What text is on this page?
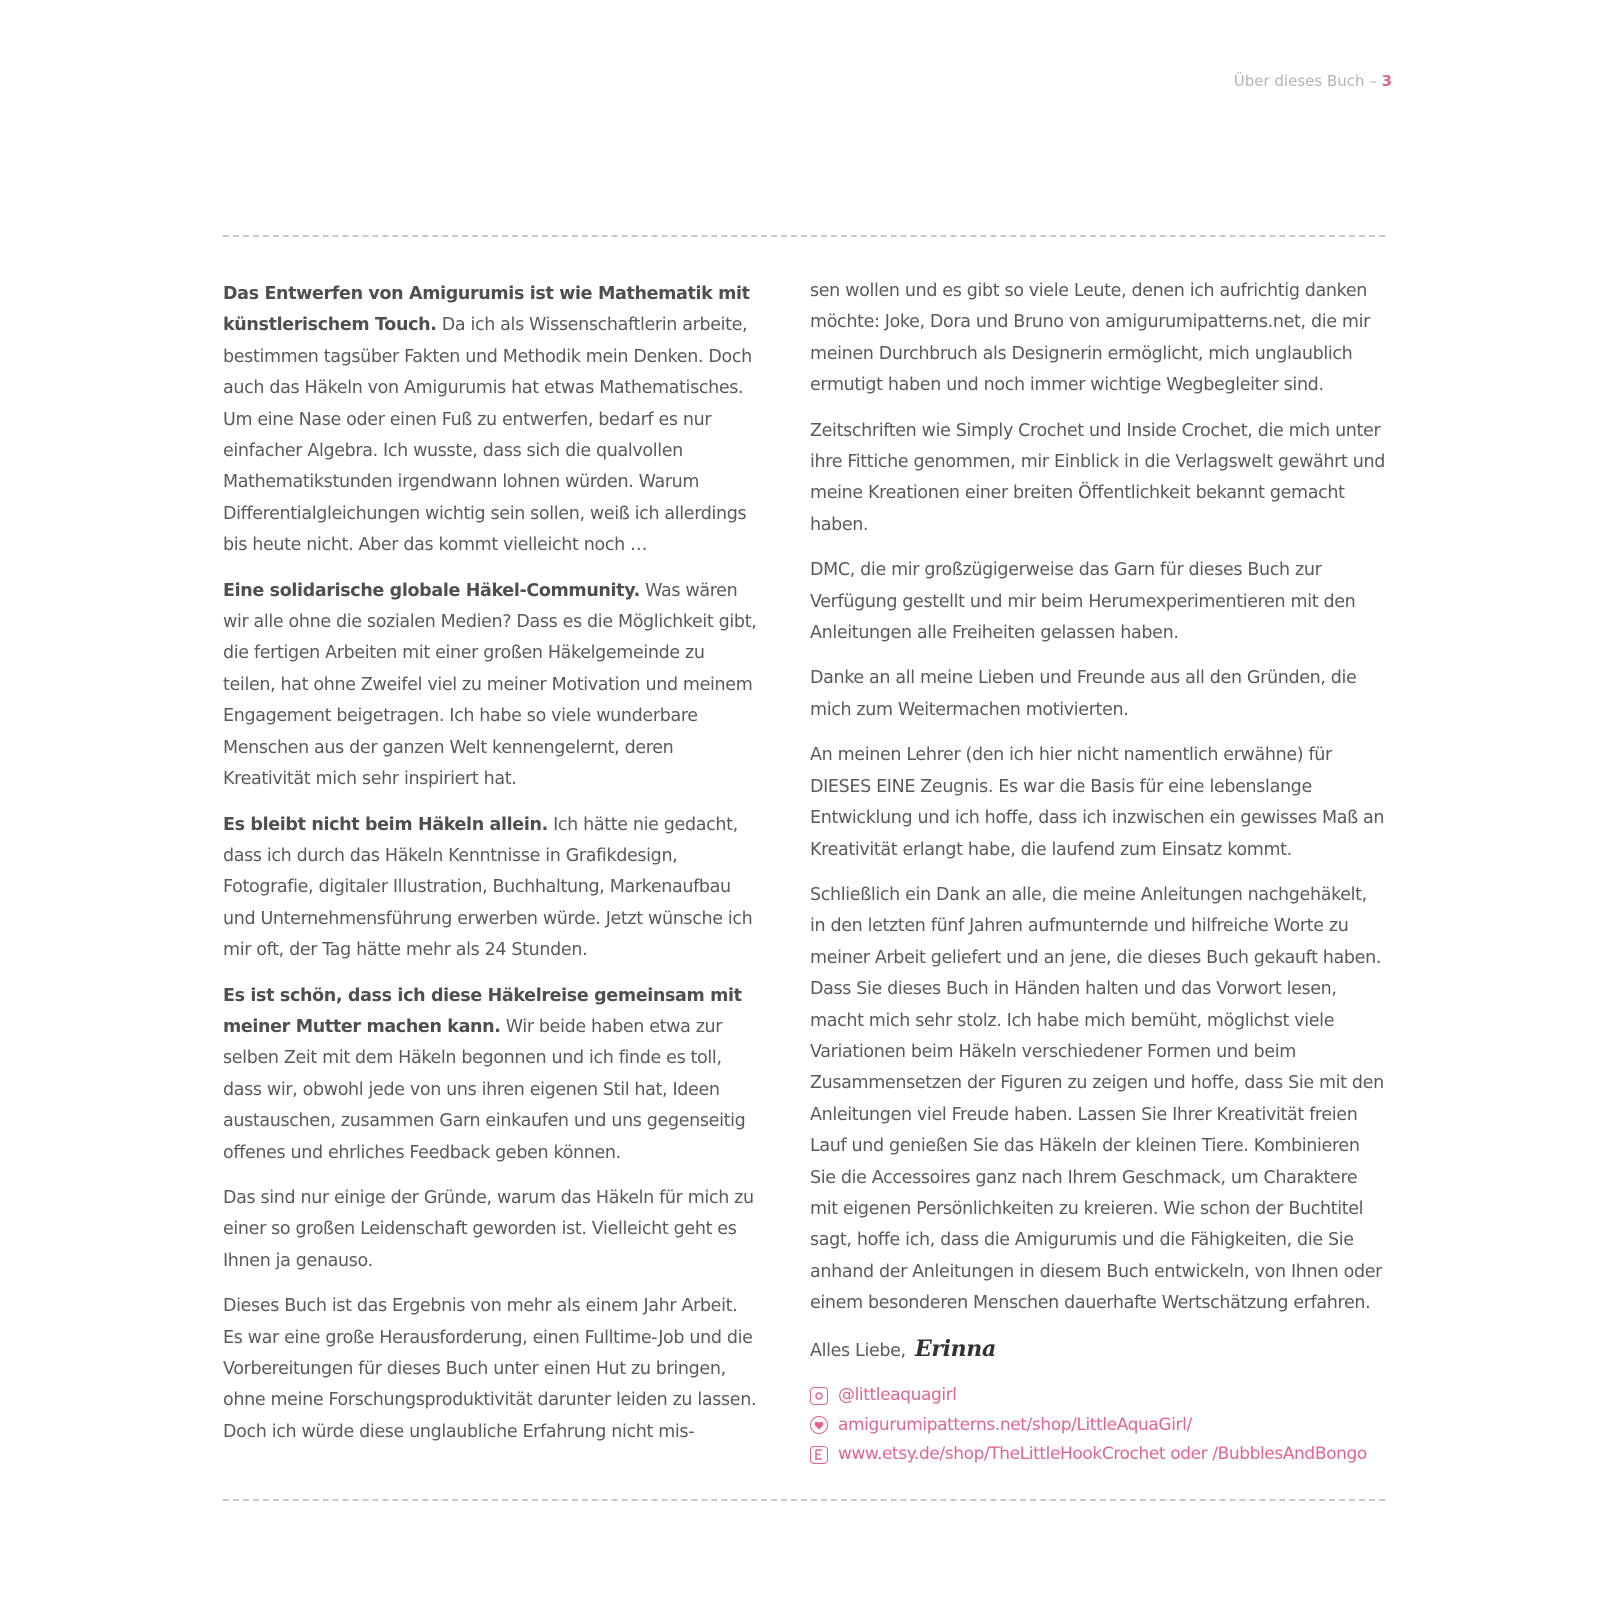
Über dieses Buch – 3

Das Entwerfen von Amigurumis ist wie Mathematik mit künstlerischem Touch. Da ich als Wissenschaftlerin arbeite, bestimmen tagsüber Fakten und Methodik mein Denken. Doch auch das Häkeln von Amigurumis hat etwas Mathematisches. Um eine Nase oder einen Fuß zu entwerfen, bedarf es nur einfacher Algebra. Ich wusste, dass sich die qualvollen Mathematikstunden irgendwann lohnen würden. Warum Differentialgleichungen wichtig sein sollen, weiß ich allerdings bis heute nicht. Aber das kommt vielleicht noch …

Eine solidarische globale Häkel-Community. Was wären wir alle ohne die sozialen Medien? Dass es die Möglichkeit gibt, die fertigen Arbeiten mit einer großen Häkelgemeinde zu teilen, hat ohne Zweifel viel zu meiner Motivation und meinem Engagement beigetragen. Ich habe so viele wunderbare Menschen aus der ganzen Welt kennengelernt, deren Kreativität mich sehr inspiriert hat.

Es bleibt nicht beim Häkeln allein. Ich hätte nie gedacht, dass ich durch das Häkeln Kenntnisse in Grafikdesign, Fotografie, digitaler Illustration, Buchhaltung, Markenaufbau und Unternehmensführung erwerben würde. Jetzt wünsche ich mir oft, der Tag hätte mehr als 24 Stunden.

Es ist schön, dass ich diese Häkelreise gemeinsam mit meiner Mutter machen kann. Wir beide haben etwa zur selben Zeit mit dem Häkeln begonnen und ich finde es toll, dass wir, obwohl jede von uns ihren eigenen Stil hat, Ideen austauschen, zusammen Garn einkaufen und uns gegenseitig offenes und ehrliches Feedback geben können.

Das sind nur einige der Gründe, warum das Häkeln für mich zu einer so großen Leidenschaft geworden ist. Vielleicht geht es Ihnen ja genauso.

Dieses Buch ist das Ergebnis von mehr als einem Jahr Arbeit. Es war eine große Herausforderung, einen Fulltime-Job und die Vorbereitungen für dieses Buch unter einen Hut zu bringen, ohne meine Forschungsproduktivität darunter leiden zu lassen. Doch ich würde diese unglaubliche Erfahrung nicht mis-

sen wollen und es gibt so viele Leute, denen ich aufrichtig danken möchte: Joke, Dora und Bruno von amigurumipatterns.net, die mir meinen Durchbruch als Designerin ermöglicht, mich unglaublich ermutigt haben und noch immer wichtige Wegbegleiter sind.

Zeitschriften wie Simply Crochet und Inside Crochet, die mich unter ihre Fittiche genommen, mir Einblick in die Verlagswelt gewährt und meine Kreationen einer breiten Öffentlichkeit bekannt gemacht haben.

DMC, die mir großzügigerweise das Garn für dieses Buch zur Verfügung gestellt und mir beim Herumexperimentieren mit den Anleitungen alle Freiheiten gelassen haben.

Danke an all meine Lieben und Freunde aus all den Gründen, die mich zum Weitermachen motivierten.

An meinen Lehrer (den ich hier nicht namentlich erwähne) für DIESES EINE Zeugnis. Es war die Basis für eine lebenslange Entwicklung und ich hoffe, dass ich inzwischen ein gewisses Maß an Kreativität erlangt habe, die laufend zum Einsatz kommt.

Schließlich ein Dank an alle, die meine Anleitungen nachgehäkelt, in den letzten fünf Jahren aufmunternde und hilfreiche Worte zu meiner Arbeit geliefert und an jene, die dieses Buch gekauft haben. Dass Sie dieses Buch in Händen halten und das Vorwort lesen, macht mich sehr stolz. Ich habe mich bemüht, möglichst viele Variationen beim Häkeln verschiedener Formen und beim Zusammensetzen der Figuren zu zeigen und hoffe, dass Sie mit den Anleitungen viel Freude haben. Lassen Sie Ihrer Kreativität freien Lauf und genießen Sie das Häkeln der kleinen Tiere. Kombinieren Sie die Accessoires ganz nach Ihrem Geschmack, um Charaktere mit eigenen Persönlichkeiten zu kreieren. Wie schon der Buchtitel sagt, hoffe ich, dass die Amigurumis und die Fähigkeiten, die Sie anhand der Anleitungen in diesem Buch entwickeln, von Ihnen oder einem besonderen Menschen dauerhafte Wertschätzung erfahren.

Alles Liebe, Erinna

@littleaquagirl
amigurumipatterns.net/shop/LittleAquaGirl/
www.etsy.de/shop/TheLittleHookCrochet oder /BubblesAndBongo
